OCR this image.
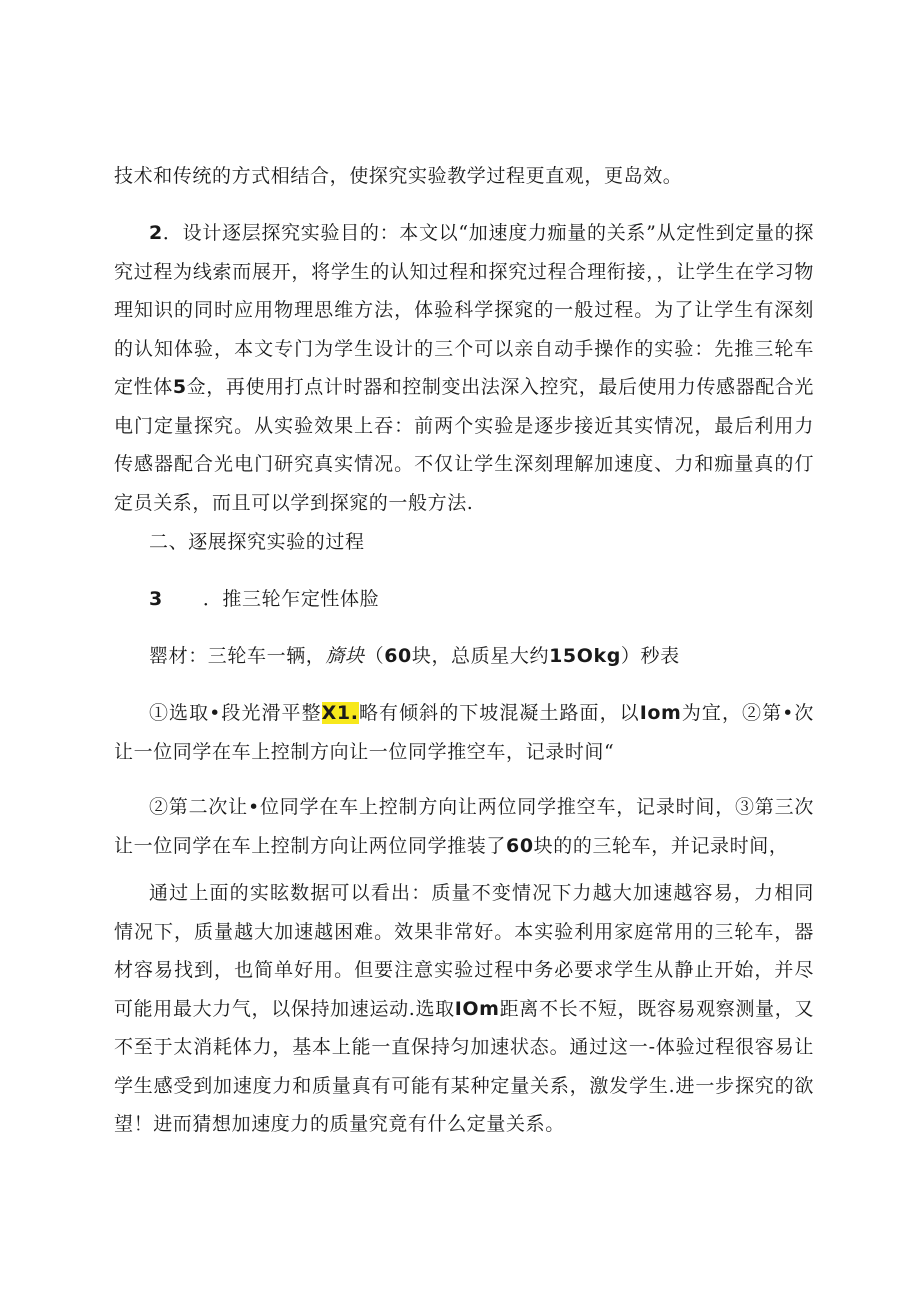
技术和传统的方式相结合，使探究实验教学过程更直观，更岛效。

2．设计逐层探究实验目的：本文以“加速度力痂量的关系”从定性到定量的探究过程为线索而展开，将学生的认知过程和探究过程合理衔接，，让学生在学习物理知识的同时应用物理思维方法，体验科学探窕的一般过程。为了让学生有深刻的认知体验，本文专门为学生设计的三个可以亲自动手操作的实验：先推三轮车定性体5佥，再使用打点计时器和控制变出法深入控究，最后使用力传感器配合光电门定量探究。从实验效果上吞：前两个实验是逐步接近其实情况，最后利用力传感器配合光电门研究真实情况。不仅让学生深刻理解加速度、力和痂量真的仃定员关系，而且可以学到探窕的一般方法.

二、逐展探究实验的过程

3 ．推三轮乍定性体脸

罂材：三轮车一辆，旖块（60块，总质星大约15Okg）秒表

①选取•段光滑平整X1.略有倾斜的下坡混凝土路面，以Iom为宜，②第•次让一位同学在车上控制方向让一位同学推空车，记录时间“

②第二次让•位同学在车上控制方向让两位同学推空车，记录时间，③第三次让一位同学在车上控制方向让两位同学推装了60块的的三轮车，并记录时间，

通过上面的实眩数据可以看出：质量不变情况下力越大加速越容易，力相同情况下，质量越大加速越困难。效果非常好。本实验利用家庭常用的三轮车，器材容易找到，也简单好用。但要注意实验过程中务必要求学生从静止开始，并尽可能用最大力气，以保持加速运动.选取IOm距离不长不短，既容易观察测量，又不至于太消耗体力，基本上能一直保持匀加速状态。通过这一-体验过程很容易让学生感受到加速度力和质量真有可能有某种定量关系，激发学生.进一步探究的欲望！进而猜想加速度力的质量究竟有什么定量关系。
